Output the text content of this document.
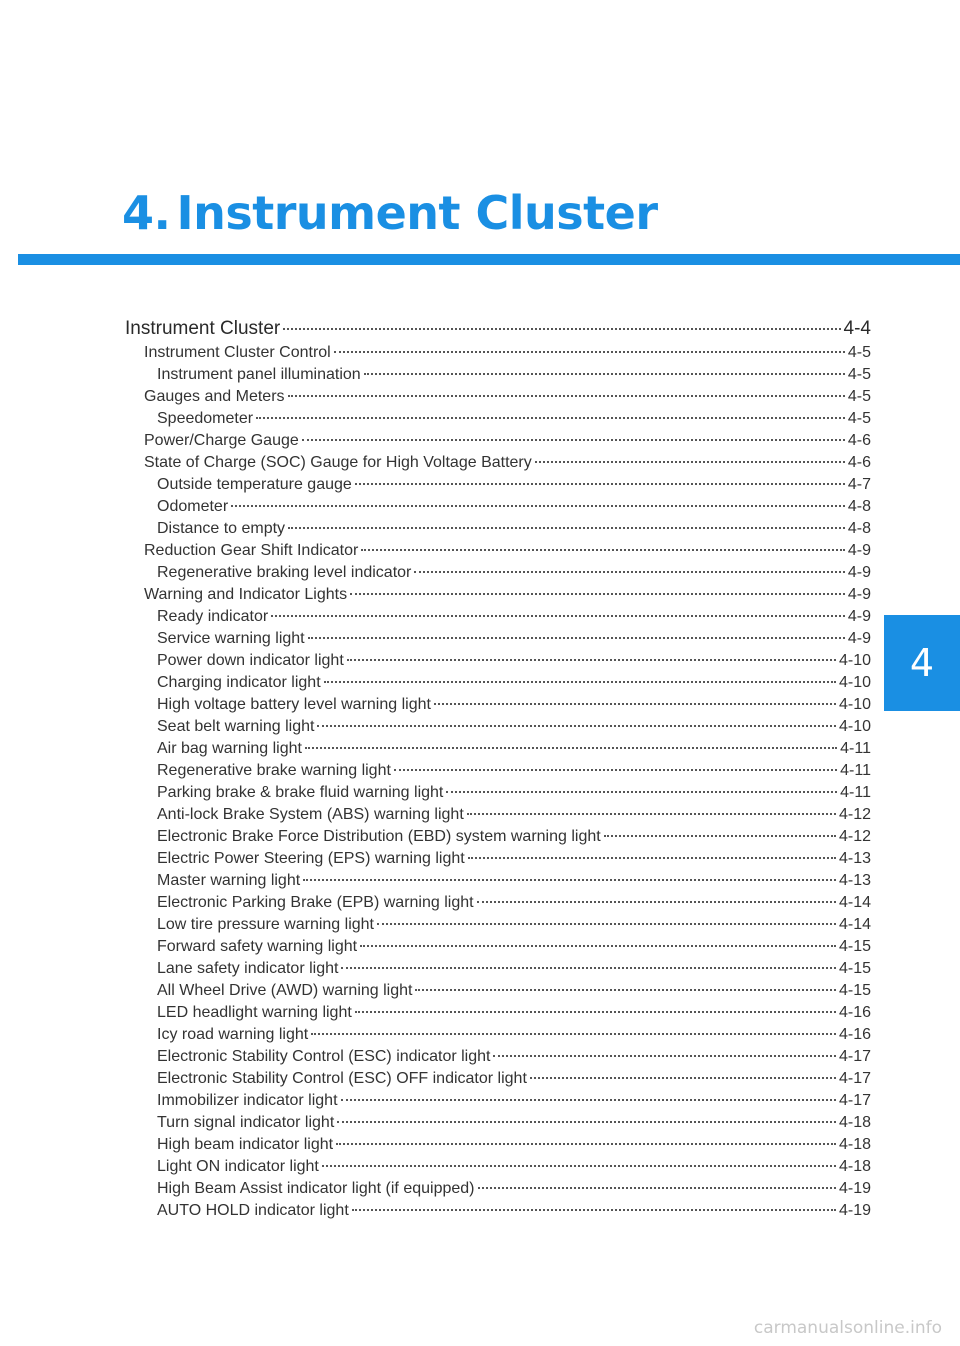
4. Instrument Cluster
Instrument Cluster	4-4
Instrument Cluster Control	4-5
Instrument panel illumination	4-5
Gauges and Meters	4-5
Speedometer	4-5
Power/Charge Gauge	4-6
State of Charge (SOC) Gauge for High Voltage Battery	4-6
Outside temperature gauge	4-7
Odometer	4-8
Distance to empty	4-8
Reduction Gear Shift Indicator	4-9
Regenerative braking level indicator	4-9
Warning and Indicator Lights	4-9
Ready indicator	4-9
Service warning light	4-9
Power down indicator light	4-10
Charging indicator light	4-10
High voltage battery level warning light	4-10
Seat belt warning light	4-10
Air bag warning light	4-11
Regenerative brake warning light	4-11
Parking brake & brake fluid warning light	4-11
Anti-lock Brake System (ABS) warning light	4-12
Electronic Brake Force Distribution (EBD) system warning light	4-12
Electric Power Steering (EPS) warning light	4-13
Master warning light	4-13
Electronic Parking Brake (EPB) warning light	4-14
Low tire pressure warning light	4-14
Forward safety warning light	4-15
Lane safety indicator light	4-15
All Wheel Drive (AWD) warning light	4-15
LED headlight warning light	4-16
Icy road warning light	4-16
Electronic Stability Control (ESC) indicator light	4-17
Electronic Stability Control (ESC) OFF indicator light	4-17
Immobilizer indicator light	4-17
Turn signal indicator light	4-18
High beam indicator light	4-18
Light ON indicator light	4-18
High Beam Assist indicator light (if equipped)	4-19
AUTO HOLD indicator light	4-19
4
carmanualsonline.info
